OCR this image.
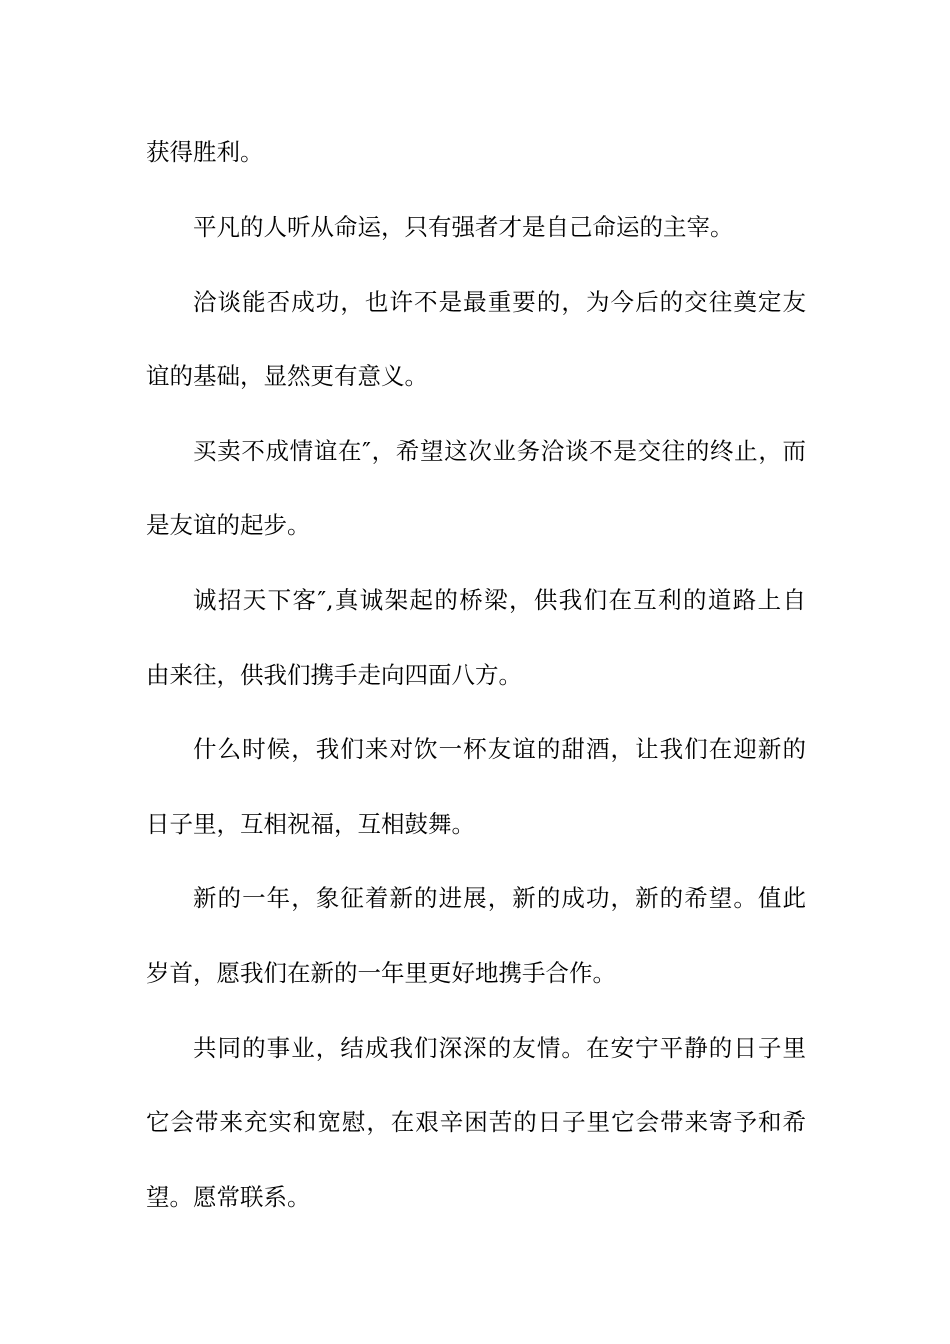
获得胜利。
平凡的人听从命运，只有强者才是自己命运的主宰。
洽谈能否成功，也许不是最重要的，为今后的交往奠定友
谊的基础，显然更有意义。
买卖不成情谊在″，希望这次业务洽谈不是交往的终止，而
是友谊的起步。
诚招天下客″,真诚架起的桥梁，供我们在互利的道路上自
由来往，供我们携手走向四面八方。
什么时候，我们来对饮一杯友谊的甜酒，让我们在迎新的
日子里，互相祝福，互相鼓舞。
新的一年，象征着新的进展，新的成功，新的希望。值此
岁首，愿我们在新的一年里更好地携手合作。
共同的事业，结成我们深深的友情。在安宁平静的日子里
它会带来充实和宽慰，在艰辛困苦的日子里它会带来寄予和希
望。愿常联系。
